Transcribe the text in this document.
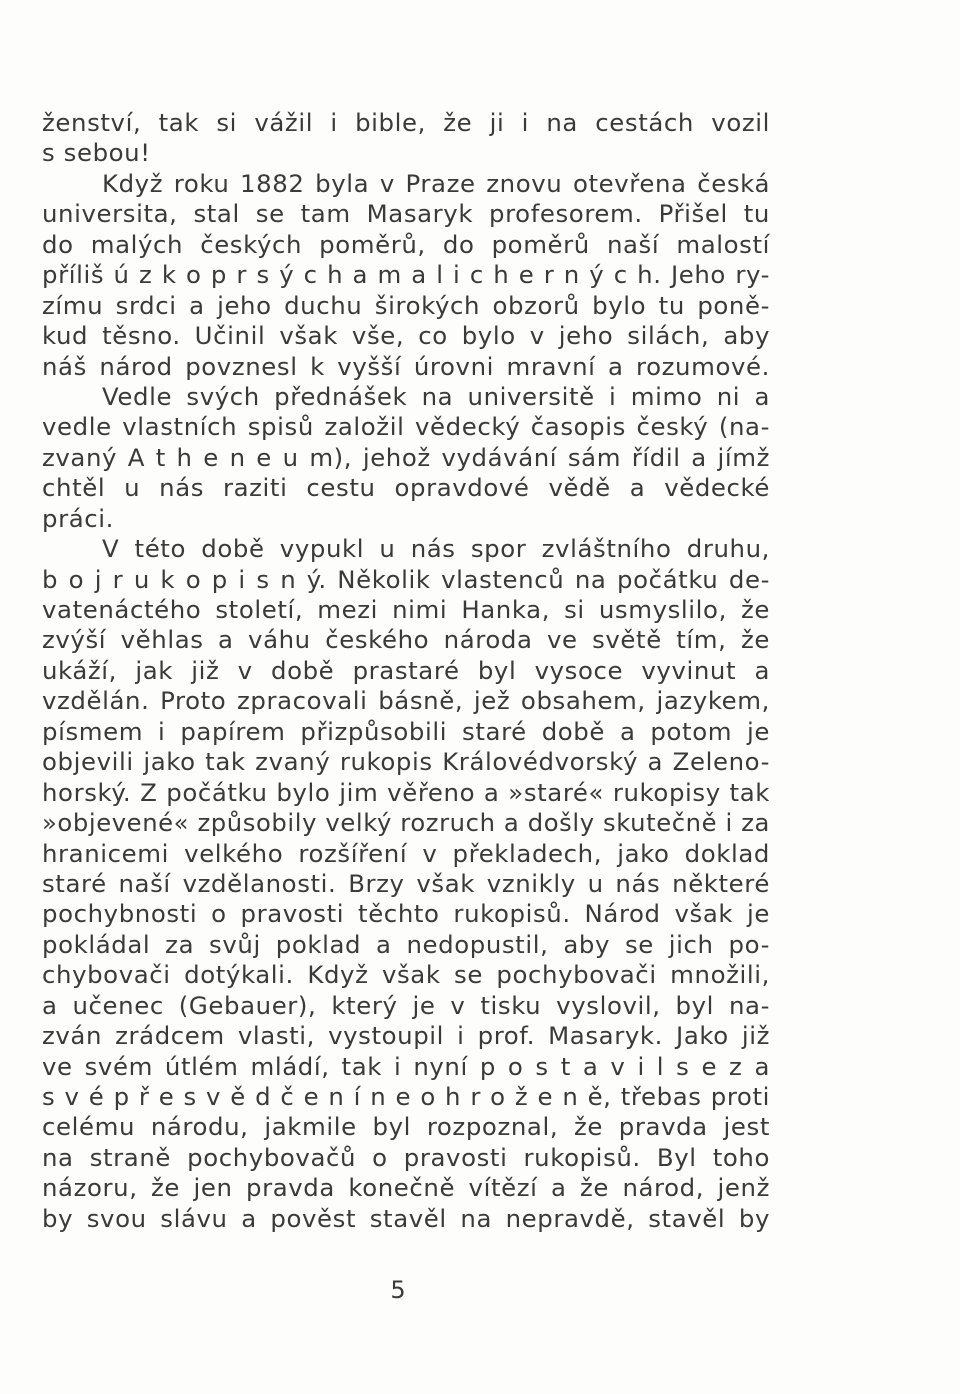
ženství, tak si vážil i bible, že ji i na cestách vozil
s sebou!
Když roku 1882 byla v Praze znovu otevřena česká
universita, stal se tam Masaryk profesorem. Přišel tu
do malých českých poměrů, do poměrů naší malostí
příliš ú z k o p r s ý c h a m a l i c h e r n ý c h. Jeho ry-
zímu srdci a jeho duchu širokých obzorů bylo tu poně-
kud těsno. Učinil však vše, co bylo v jeho silách, aby
náš národ povznesl k vyšší úrovni mravní a rozumové.
Vedle svých přednášek na universitě i mimo ni a
vedle vlastních spisů založil vědecký časopis český (na-
zvaný A t h e n e u m), jehož vydávání sám řídil a jímž
chtěl u nás raziti cestu opravdové vědě a vědecké
práci.
V této době vypukl u nás spor zvláštního druhu,
b o j r u k o p i s n ý. Několik vlastenců na počátku de-
vatenáctého století, mezi nimi Hanka, si usmyslilo, že
zvýší věhlas a váhu českého národa ve světě tím, že
ukáží, jak již v době prastaré byl vysoce vyvinut a
vzdělán. Proto zpracovali básně, jež obsahem, jazykem,
písmem i papírem přizpůsobili staré době a potom je
objevili jako tak zvaný rukopis Královédvorský a Zeleno-
horský. Z počátku bylo jim věřeno a »staré« rukopisy tak
»objevené« způsobily velký rozruch a došly skutečně i za
hranicemi velkého rozšíření v překladech, jako doklad
staré naší vzdělanosti. Brzy však vznikly u nás některé
pochybnosti o pravosti těchto rukopisů. Národ však je
pokládal za svůj poklad a nedopustil, aby se jich po-
chybovači dotýkali. Když však se pochybovači množili,
a učenec (Gebauer), který je v tisku vyslovil, byl na-
zván zrádcem vlasti, vystoupil i prof. Masaryk. Jako již
ve svém útlém mládí, tak i nyní p o s t a v i l s e z a
s v é p ř e s v ě d č e n í n e o h r o ž e n ě, třebas proti
celému národu, jakmile byl rozpoznal, že pravda jest
na straně pochybovačů o pravosti rukopisů. Byl toho
názoru, že jen pravda konečně vítězí a že národ, jenž
by svou slávu a pověst stavěl na nepravdě, stavěl by
5
